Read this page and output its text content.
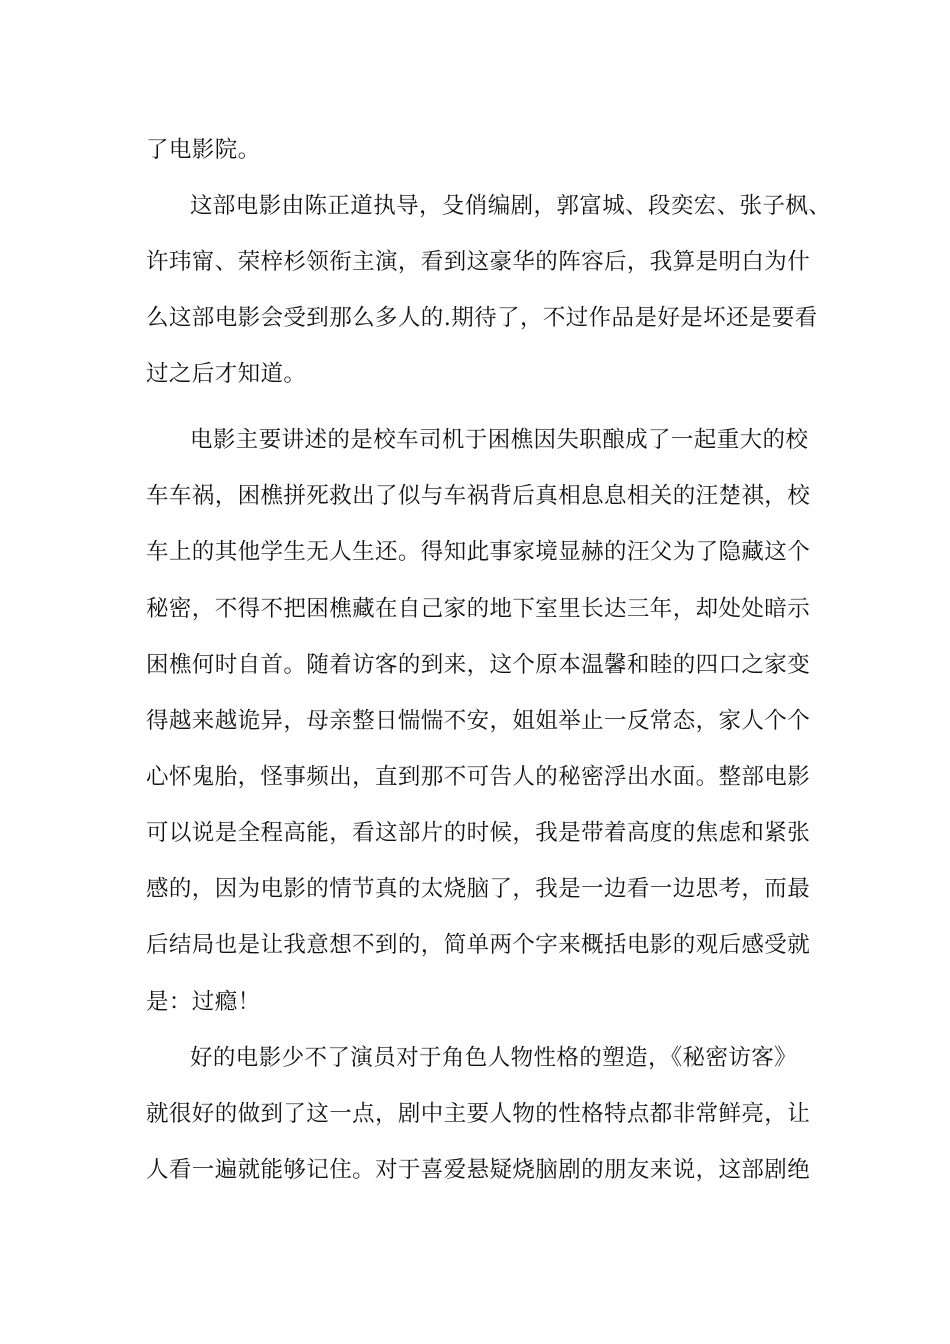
了电影院。
这部电影由陈正道执导，殳俏编剧，郭富城、段奕宏、张子枫、
许玮甯、荣梓杉领衔主演，看到这豪华的阵容后，我算是明白为什
么这部电影会受到那么多人的.期待了，不过作品是好是坏还是要看
过之后才知道。
电影主要讲述的是校车司机于困樵因失职酿成了一起重大的校
车车祸，困樵拼死救出了似与车祸背后真相息息相关的汪楚祺，校
车上的其他学生无人生还。得知此事家境显赫的汪父为了隐藏这个
秘密，不得不把困樵藏在自己家的地下室里长达三年，却处处暗示
困樵何时自首。随着访客的到来，这个原本温馨和睦的四口之家变
得越来越诡异，母亲整日惴惴不安，姐姐举止一反常态，家人个个
心怀鬼胎，怪事频出，直到那不可告人的秘密浮出水面。整部电影
可以说是全程高能，看这部片的时候，我是带着高度的焦虑和紧张
感的，因为电影的情节真的太烧脑了，我是一边看一边思考，而最
后结局也是让我意想不到的，简单两个字来概括电影的观后感受就
是：过瘾！
好的电影少不了演员对于角色人物性格的塑造，《秘密访客》
就很好的做到了这一点，剧中主要人物的性格特点都非常鲜亮，让
人看一遍就能够记住。对于喜爱悬疑烧脑剧的朋友来说，这部剧绝
